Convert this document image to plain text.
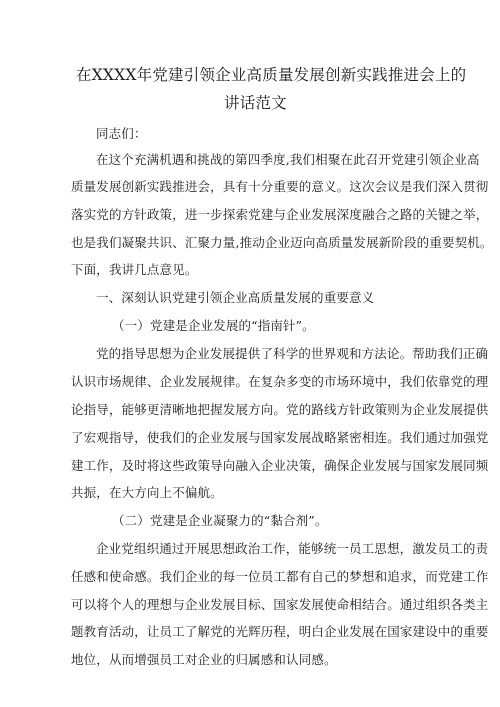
在XXXX年党建引领企业高质量发展创新实践推进会上的
讲话范文
同志们：
在这个充满机遇和挑战的第四季度,我们相聚在此召开党建引领企业高
质量发展创新实践推进会，具有十分重要的意义。这次会议是我们深入贯彻
落实党的方针政策，进一步探索党建与企业发展深度融合之路的关键之举，
也是我们凝聚共识、汇聚力量,推动企业迈向高质量发展新阶段的重要契机。
下面，我讲几点意见。
一、深刻认识党建引领企业高质量发展的重要意义
（一）党建是企业发展的“指南针”。
党的指导思想为企业发展提供了科学的世界观和方法论。帮助我们正确
认识市场规律、企业发展规律。在复杂多变的市场环境中，我们依靠党的理
论指导，能够更清晰地把握发展方向。党的路线方针政策则为企业发展提供
了宏观指导，使我们的企业发展与国家发展战略紧密相连。我们通过加强党
建工作，及时将这些政策导向融入企业决策，确保企业发展与国家发展同频
共振，在大方向上不偏航。
（二）党建是企业凝聚力的“黏合剂”。
企业党组织通过开展思想政治工作，能够统一员工思想，激发员工的责
任感和使命感。我们企业的每一位员工都有自己的梦想和追求，而党建工作
可以将个人的理想与企业发展目标、国家发展使命相结合。通过组织各类主
题教育活动，让员工了解党的光辉历程，明白企业发展在国家建设中的重要
地位，从而增强员工对企业的归属感和认同感。
